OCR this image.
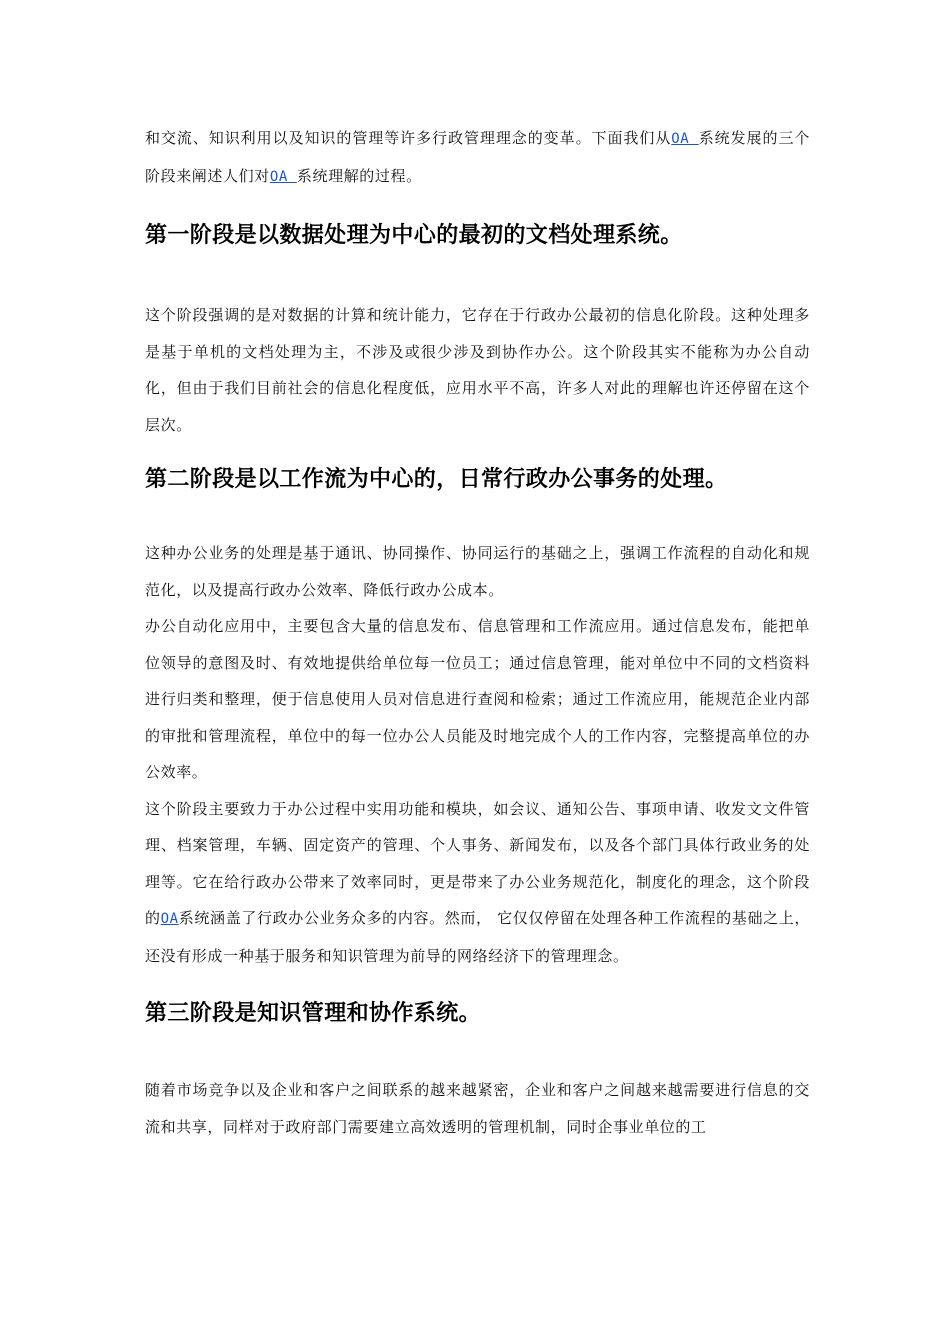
和交流、知识利用以及知识的管理等许多行政管理理念的变革。下面我们从OA 系统发展的三个阶段来阐述人们对OA 系统理解的过程。

第一阶段是以数据处理为中心的最初的文档处理系统。

这个阶段强调的是对数据的计算和统计能力，它存在于行政办公最初的信息化阶段。这种处理多是基于单机的文档处理为主，不涉及或很少涉及到协作办公。这个阶段其实不能称为办公自动化，但由于我们目前社会的信息化程度低，应用水平不高，许多人对此的理解也许还停留在这个层次。

第二阶段是以工作流为中心的，日常行政办公事务的处理。

这种办公业务的处理是基于通讯、协同操作、协同运行的基础之上，强调工作流程的自动化和规范化，以及提高行政办公效率、降低行政办公成本。

办公自动化应用中，主要包含大量的信息发布、信息管理和工作流应用。通过信息发布，能把单位领导的意图及时、有效地提供给单位每一位员工；通过信息管理，能对单位中不同的文档资料进行归类和整理，便于信息使用人员对信息进行查阅和检索；通过工作流应用，能规范企业内部的审批和管理流程，单位中的每一位办公人员能及时地完成个人的工作内容，完整提高单位的办公效率。

这个阶段主要致力于办公过程中实用功能和模块，如会议、通知公告、事项申请、收发文文件管理、档案管理，车辆、固定资产的管理、个人事务、新闻发布，以及各个部门具体行政业务的处理等。它在给行政办公带来了效率同时，更是带来了办公业务规范化，制度化的理念，这个阶段的OA系统涵盖了行政办公业务众多的内容。然而， 它仅仅停留在处理各种工作流程的基础之上，还没有形成一种基于服务和知识管理为前导的网络经济下的管理理念。

第三阶段是知识管理和协作系统。

随着市场竞争以及企业和客户之间联系的越来越紧密，企业和客户之间越来越需要进行信息的交流和共享，同样对于政府部门需要建立高效透明的管理机制，同时企事业单位的工
